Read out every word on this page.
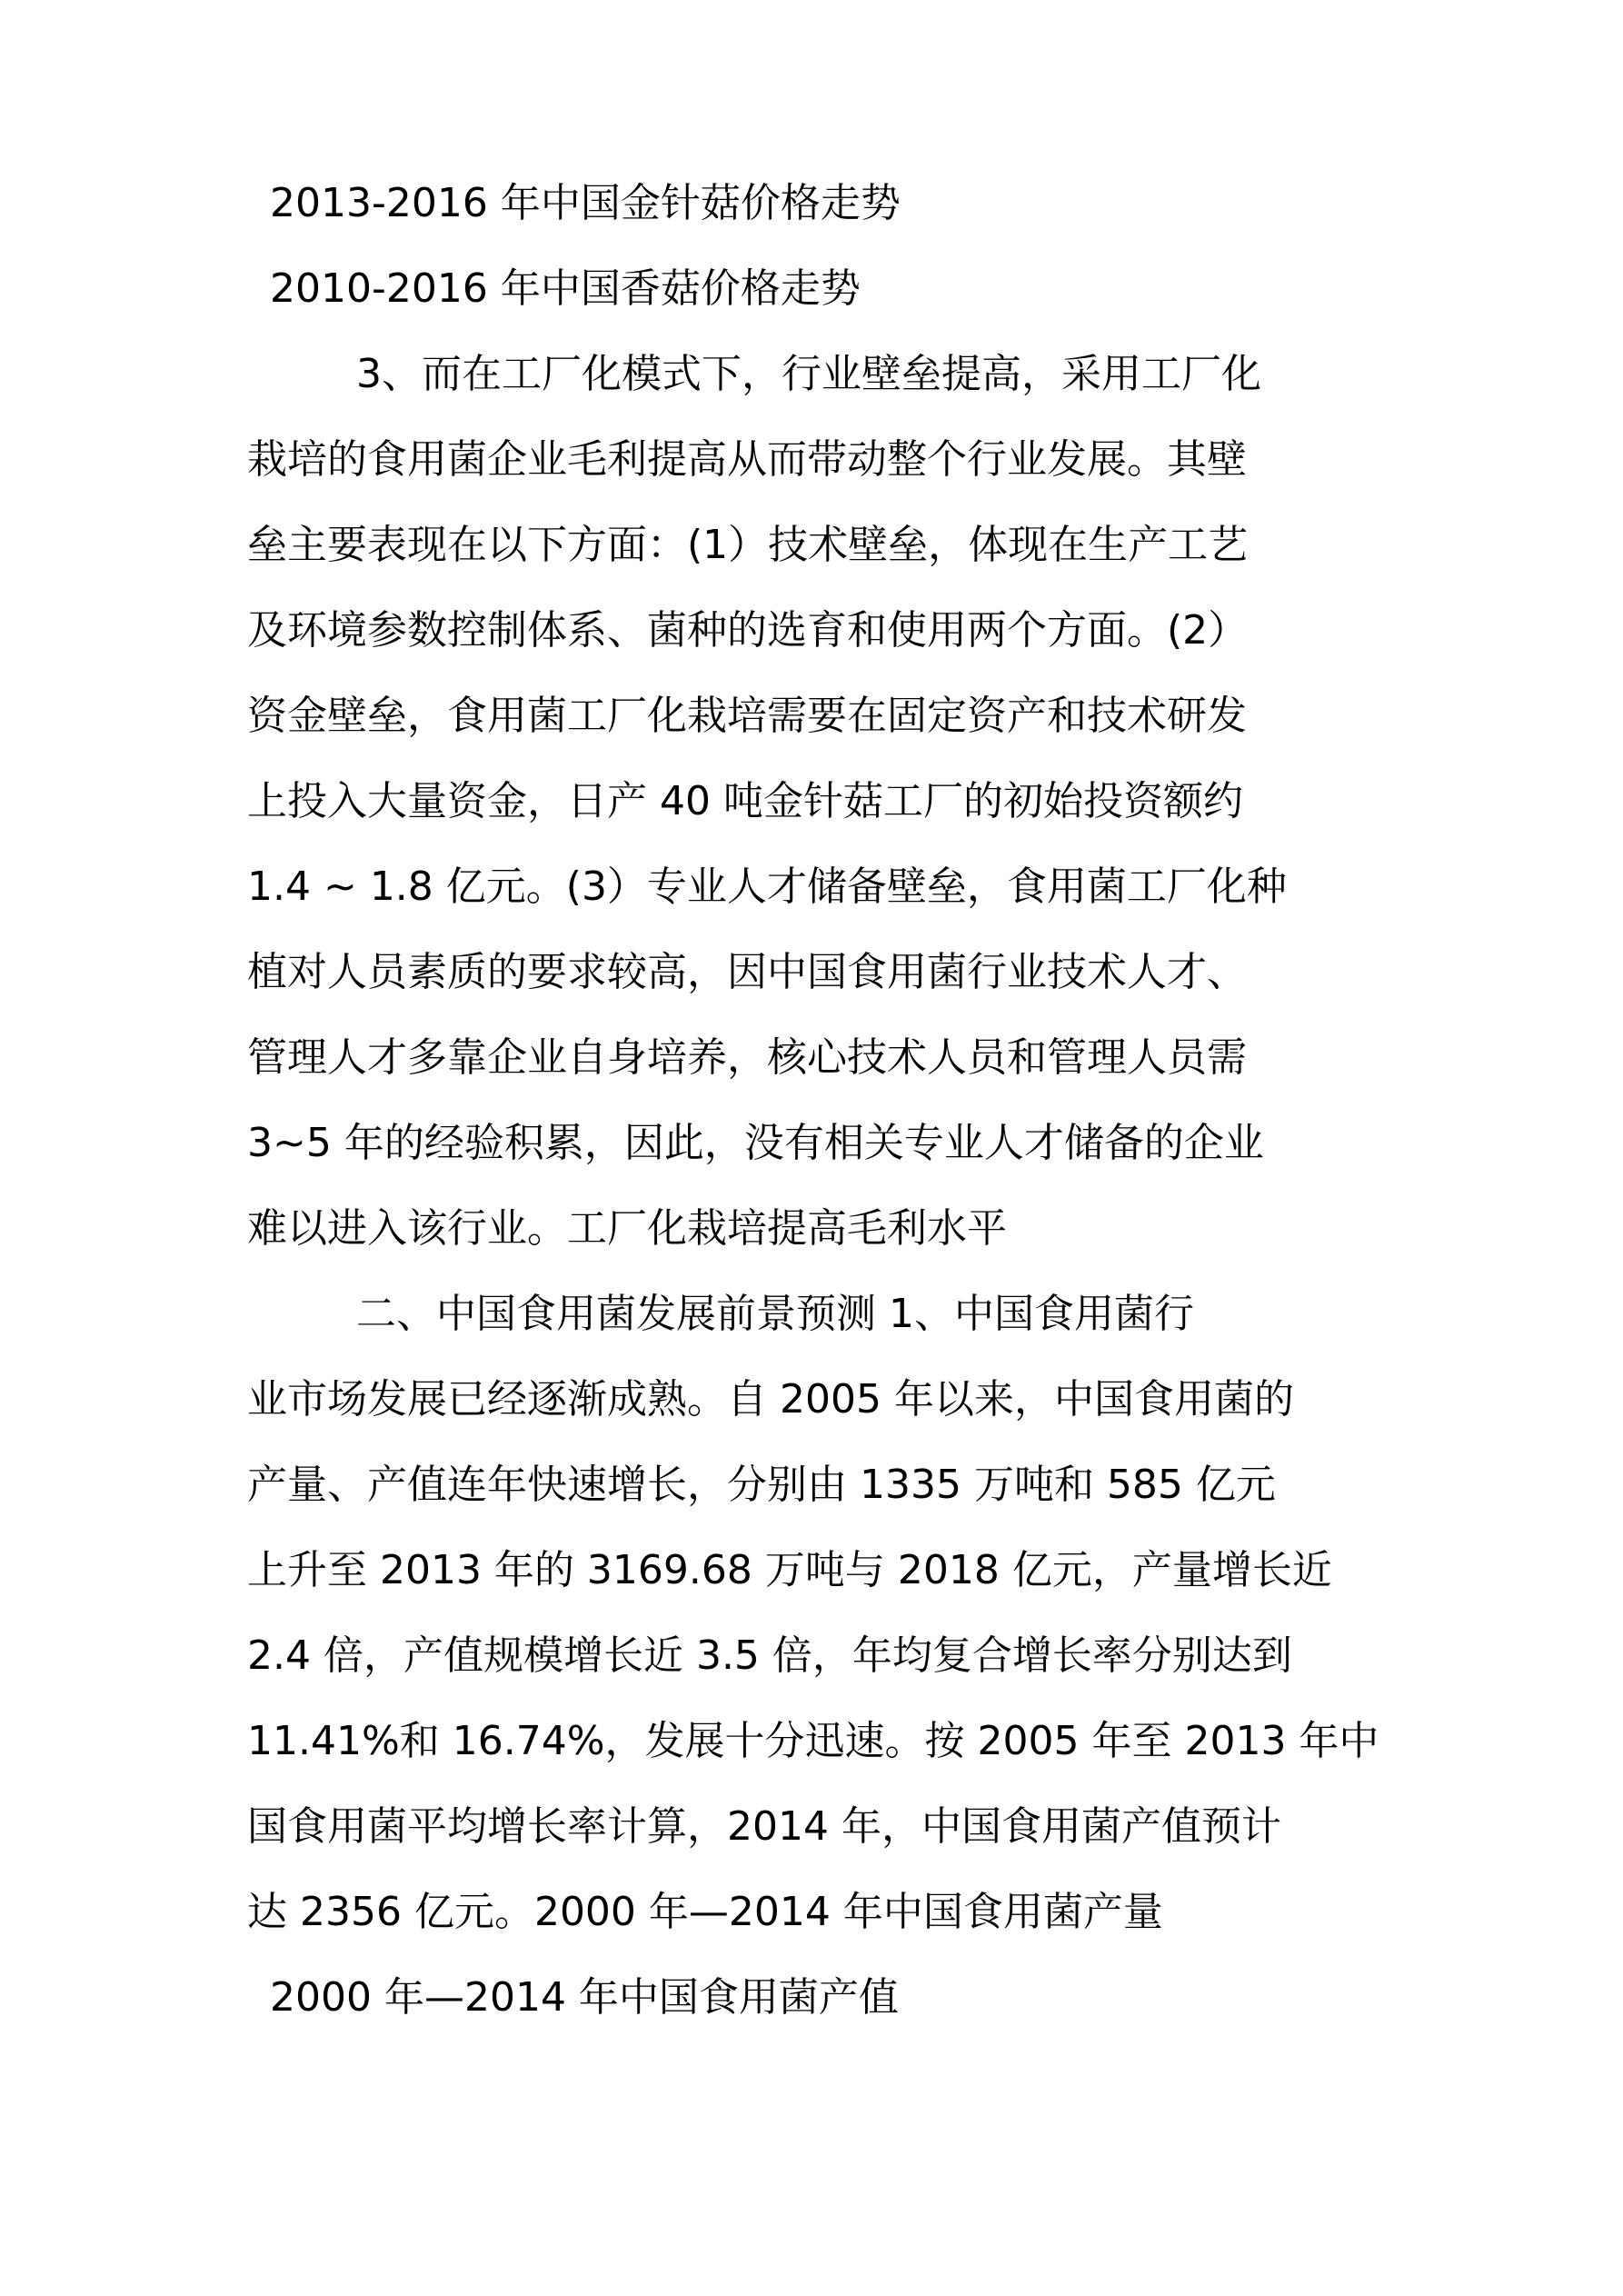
2013-2016 年中国金针菇价格走势
2010-2016 年中国香菇价格走势
3、而在工厂化模式下，行业壁垒提高，采用工厂化
栽培的食用菌企业毛利提高从而带动整个行业发展。其壁
垒主要表现在以下方面：(1）技术壁垒，体现在生产工艺
及环境参数控制体系、菌种的选育和使用两个方面。(2）
资金壁垒，食用菌工厂化栽培需要在固定资产和技术研发
上投入大量资金，日产 40 吨金针菇工厂的初始投资额约
1.4 ~ 1.8 亿元。(3）专业人才储备壁垒，食用菌工厂化种
植对人员素质的要求较高，因中国食用菌行业技术人才、
管理人才多靠企业自身培养，核心技术人员和管理人员需
3~5 年的经验积累，因此，没有相关专业人才储备的企业
难以进入该行业。工厂化栽培提高毛利水平
二、中国食用菌发展前景预测 1、中国食用菌行
业市场发展已经逐渐成熟。自 2005 年以来，中国食用菌的
产量、产值连年快速增长，分别由 1335 万吨和 585 亿元
上升至 2013 年的 3169.68 万吨与 2018 亿元，产量增长近
2.4 倍，产值规模增长近 3.5 倍，年均复合增长率分别达到
11.41%和 16.74%，发展十分迅速。按 2005 年至 2013 年中
国食用菌平均增长率计算，2014 年，中国食用菌产值预计
达 2356 亿元。2000 年—2014 年中国食用菌产量
2000 年—2014 年中国食用菌产值
